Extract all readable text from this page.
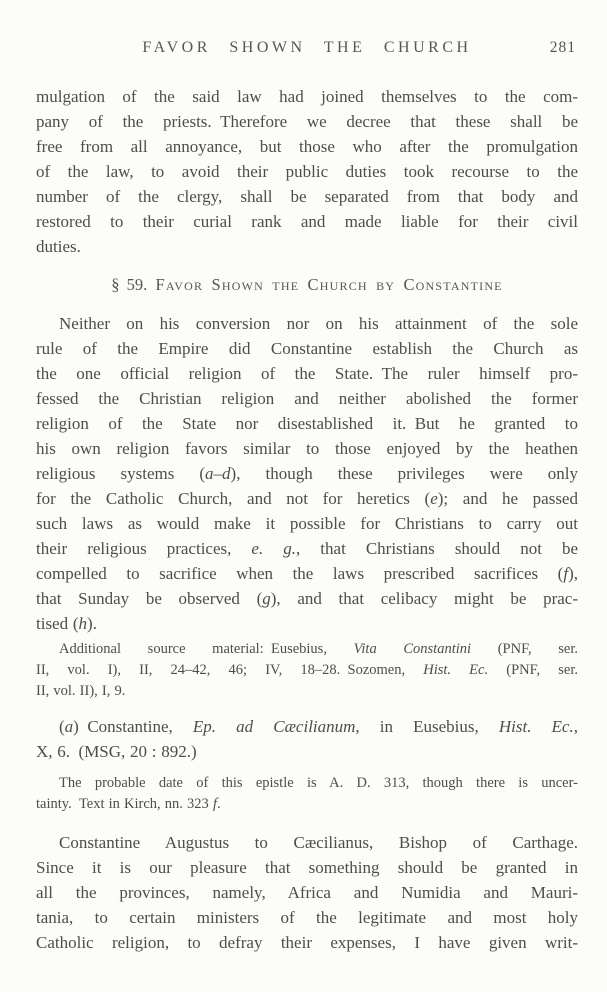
FAVOR SHOWN THE CHURCH	281
mulgation of the said law had joined themselves to the com-
pany of the priests. Therefore we decree that these shall be
free from all annoyance, but those who after the promulgation
of the law, to avoid their public duties took recourse to the
number of the clergy, shall be separated from that body and
restored to their curial rank and made liable for their civil
duties.
§ 59. Favor Shown the Church by Constantine
Neither on his conversion nor on his attainment of the sole
rule of the Empire did Constantine establish the Church as
the one official religion of the State. The ruler himself pro-
fessed the Christian religion and neither abolished the former
religion of the State nor disestablished it. But he granted to
his own religion favors similar to those enjoyed by the heathen
religious systems (a–d), though these privileges were only
for the Catholic Church, and not for heretics (e); and he passed
such laws as would make it possible for Christians to carry out
their religious practices, e. g., that Christians should not be
compelled to sacrifice when the laws prescribed sacrifices (f),
that Sunday be observed (g), and that celibacy might be prac-
tised (h).
Additional source material: Eusebius, Vita Constantini (PNF, ser.
II, vol. I), II, 24–42, 46; IV, 18–28. Sozomen, Hist. Ec. (PNF, ser.
II, vol. II), I, 9.
(a) Constantine, Ep. ad Cæcilianum, in Eusebius, Hist. Ec.,
X, 6. (MSG, 20 : 892.)
The probable date of this epistle is A. D. 313, though there is uncer-
tainty. Text in Kirch, nn. 323 f.
Constantine Augustus to Cæcilianus, Bishop of Carthage.
Since it is our pleasure that something should be granted in
all the provinces, namely, Africa and Numidia and Mauri-
tania, to certain ministers of the legitimate and most holy
Catholic religion, to defray their expenses, I have given writ-
